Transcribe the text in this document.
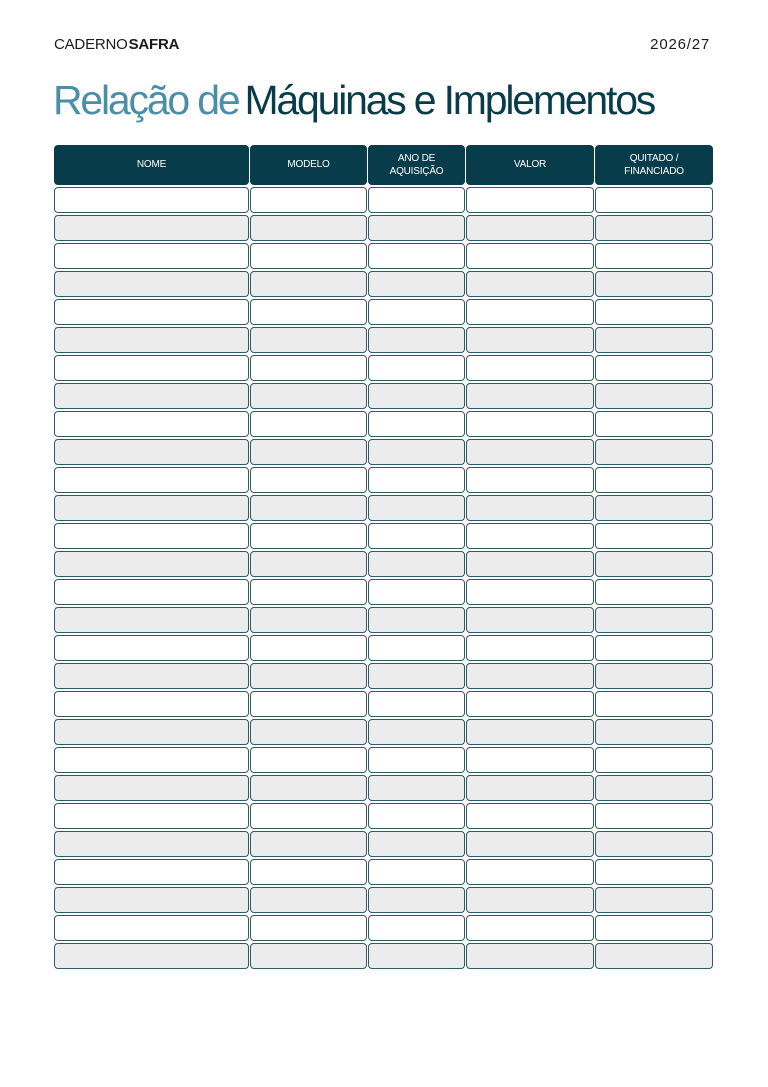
CADERNOSAFRA	2026/27
Relação de Máquinas e Implementos
NOME	MODELO
ANO DE
AQUISIÇÃO
VALOR
QUITADO /
FINANCIADO
